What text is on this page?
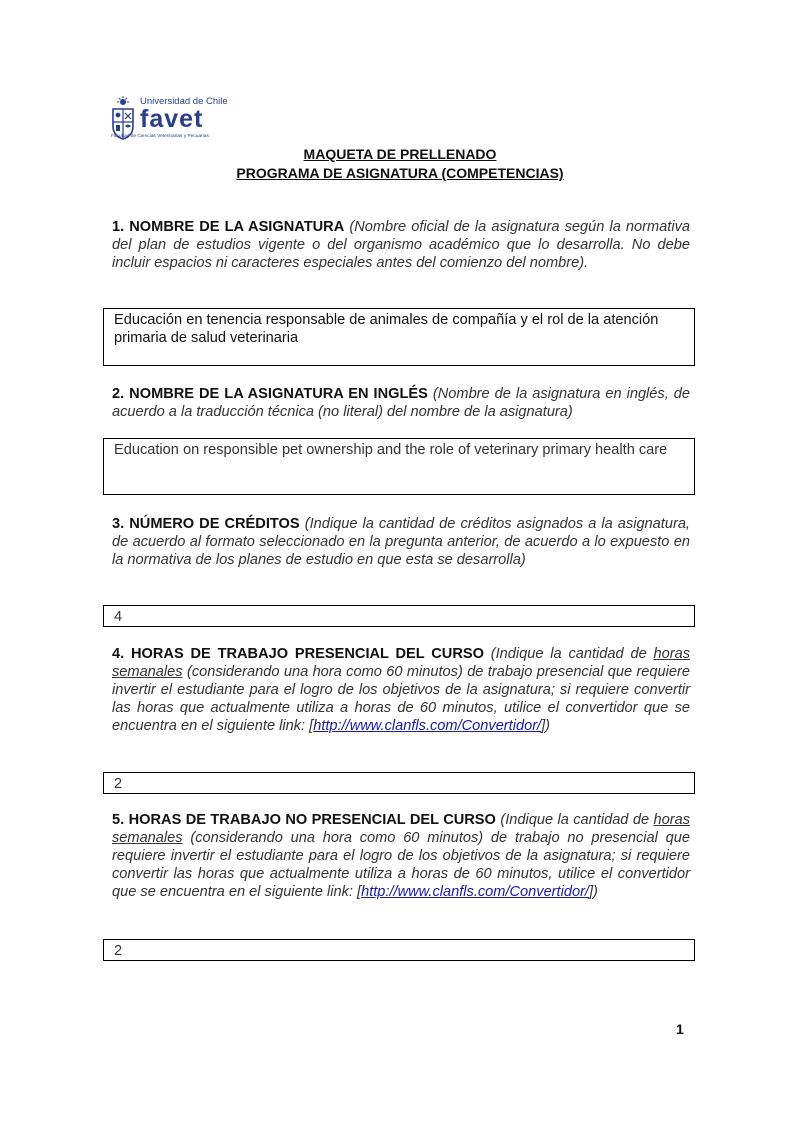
Universidad de Chile
favet
Facultad de Ciencias Veterinarias y Pecuarias
MAQUETA DE PRELLENADO
PROGRAMA DE ASIGNATURA (COMPETENCIAS)
1. NOMBRE DE LA ASIGNATURA (Nombre oficial de la asignatura según la normativa del plan de estudios vigente o del organismo académico que lo desarrolla. No debe incluir espacios ni caracteres especiales antes del comienzo del nombre).
Educación en tenencia responsable de animales de compañía y el rol de la atención primaria de salud veterinaria
2. NOMBRE DE LA ASIGNATURA EN INGLÉS (Nombre de la asignatura en inglés, de acuerdo a la traducción técnica (no literal) del nombre de la asignatura)
Education on responsible pet ownership and the role of veterinary primary health care
3. NÚMERO DE CRÉDITOS (Indique la cantidad de créditos asignados a la asignatura, de acuerdo al formato seleccionado en la pregunta anterior, de acuerdo a lo expuesto en la normativa de los planes de estudio en que esta se desarrolla)
4
4. HORAS DE TRABAJO PRESENCIAL DEL CURSO (Indique la cantidad de horas semanales (considerando una hora como 60 minutos) de trabajo presencial que requiere invertir el estudiante para el logro de los objetivos de la asignatura; si requiere convertir las horas que actualmente utiliza a horas de 60 minutos, utilice el convertidor que se encuentra en el siguiente link: [http://www.clanfls.com/Convertidor/])
2
5. HORAS DE TRABAJO NO PRESENCIAL DEL CURSO (Indique la cantidad de horas semanales (considerando una hora como 60 minutos) de trabajo no presencial que requiere invertir el estudiante para el logro de los objetivos de la asignatura; si requiere convertir las horas que actualmente utiliza a horas de 60 minutos, utilice el convertidor que se encuentra en el siguiente link: [http://www.clanfls.com/Convertidor/])
2
1
